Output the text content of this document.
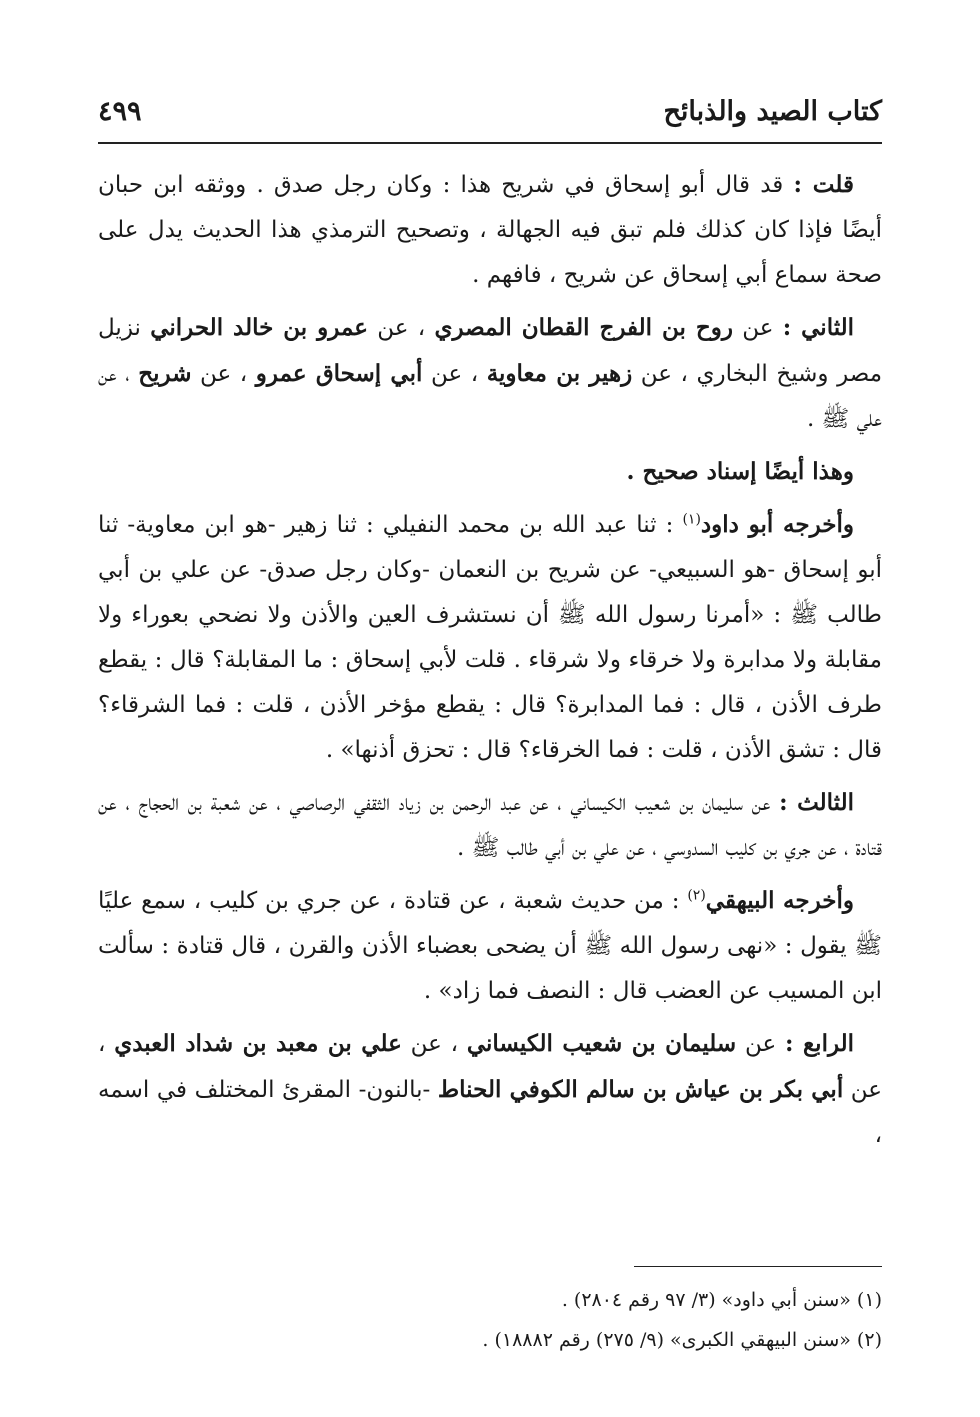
كتاب الصيد والذبائح
٤٩٩

قلت : قد قال أبو إسحاق في شريح هذا : وكان رجل صدق . ووثقه ابن حبان أيضًا فإذا كان كذلك فلم تبق فيه الجهالة ، وتصحيح الترمذي هذا الحديث يدل على صحة سماع أبي إسحاق عن شريح ، فافهم .

الثاني : عن روح بن الفرج القطان المصري ، عن عمرو بن خالد الحراني نزيل مصر وشيخ البخاري ، عن زهير بن معاوية ، عن أبي إسحاق عمرو ، عن شريح ، عن علي ﷺ .

وهذا أيضًا إسناد صحيح .

وأخرجه أبو داود$^{(١)}$ : ثنا عبد الله بن محمد النفيلي : ثنا زهير -هو ابن معاوية- ثنا أبو إسحاق -هو السبيعي- عن شريح بن النعمان -وكان رجل صدق- عن علي بن أبي طالب ﷺ : «أمرنا رسول الله ﷺ أن نستشرف العين والأذن ولا نضحي بعوراء ولا مقابلة ولا مدابرة ولا خرقاء ولا شرقاء . قلت لأبي إسحاق : ما المقابلة؟ قال : يقطع طرف الأذن ، قال : فما المدابرة؟ قال : يقطع مؤخر الأذن ، قلت : فما الشرقاء؟ قال : تشق الأذن ، قلت : فما الخرقاء؟ قال : تحزق أذنها» .

الثالث : عن سليمان بن شعيب الكيساني ، عن عبد الرحمن بن زياد الثقفي الرصاصي ، عن شعبة بن الحجاج ، عن قتادة ، عن جري بن كليب السدوسي ، عن علي بن أبي طالب ﷺ .

وأخرجه البيهقي$^{(٢)}$ : من حديث شعبة ، عن قتادة ، عن جري بن كليب ، سمع عليًا ﷺ يقول : «نهى رسول الله ﷺ أن يضحى بعضباء الأذن والقرن ، قال قتادة : سألت ابن المسيب عن العضب قال : النصف فما زاد» .

الرابع : عن سليمان بن شعيب الكيساني ، عن علي بن معبد بن شداد العبدي ، عن أبي بكر بن عياش بن سالم الكوفي الحناط -بالنون- المقرئ المختلف في اسمه ،

(١) «سنن أبي داود» (٣/ ٩٧ رقم ٢٨٠٤) .

(٢) «سنن البيهقي الكبرى» (٩/ ٢٧٥) رقم ١٨٨٨٢) .
